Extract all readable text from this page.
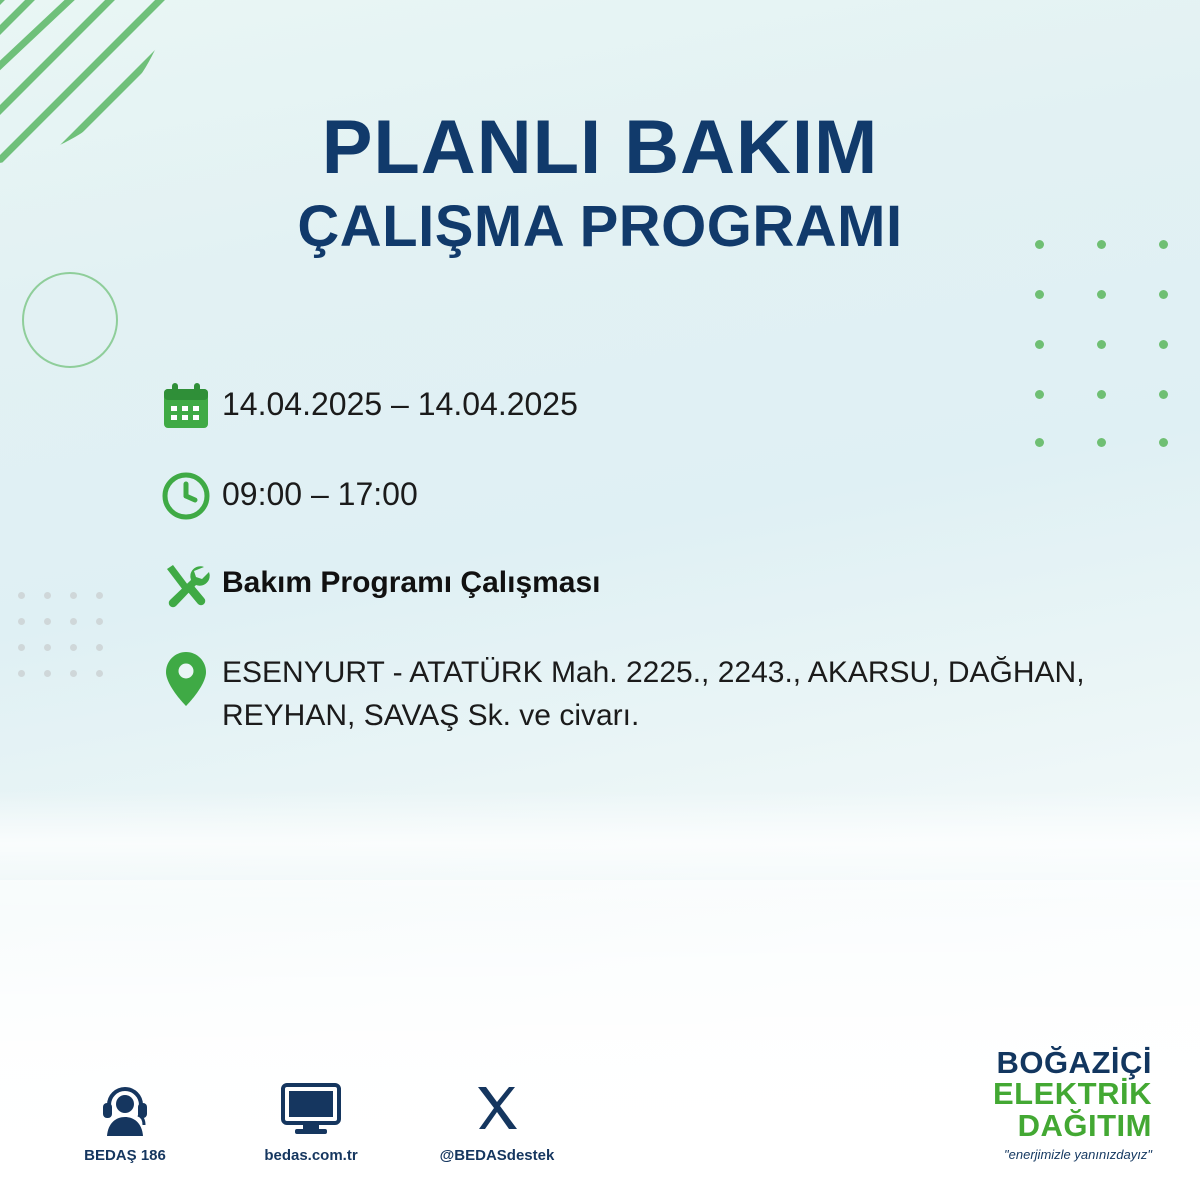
PLANLI BAKIM
ÇALIŞMA PROGRAMI
14.04.2025 – 14.04.2025
09:00 – 17:00
Bakım Programı Çalışması
ESENYURT - ATATÜRK Mah. 2225., 2243., AKARSU, DAĞHAN, REYHAN, SAVAŞ Sk. ve civarı.
BEDAŞ 186	bedas.com.tr	@BEDASdestek
BOĞAZİÇİ
ELEKTRİK
DAĞITIM
"enerjimizle yanınızdayız"
